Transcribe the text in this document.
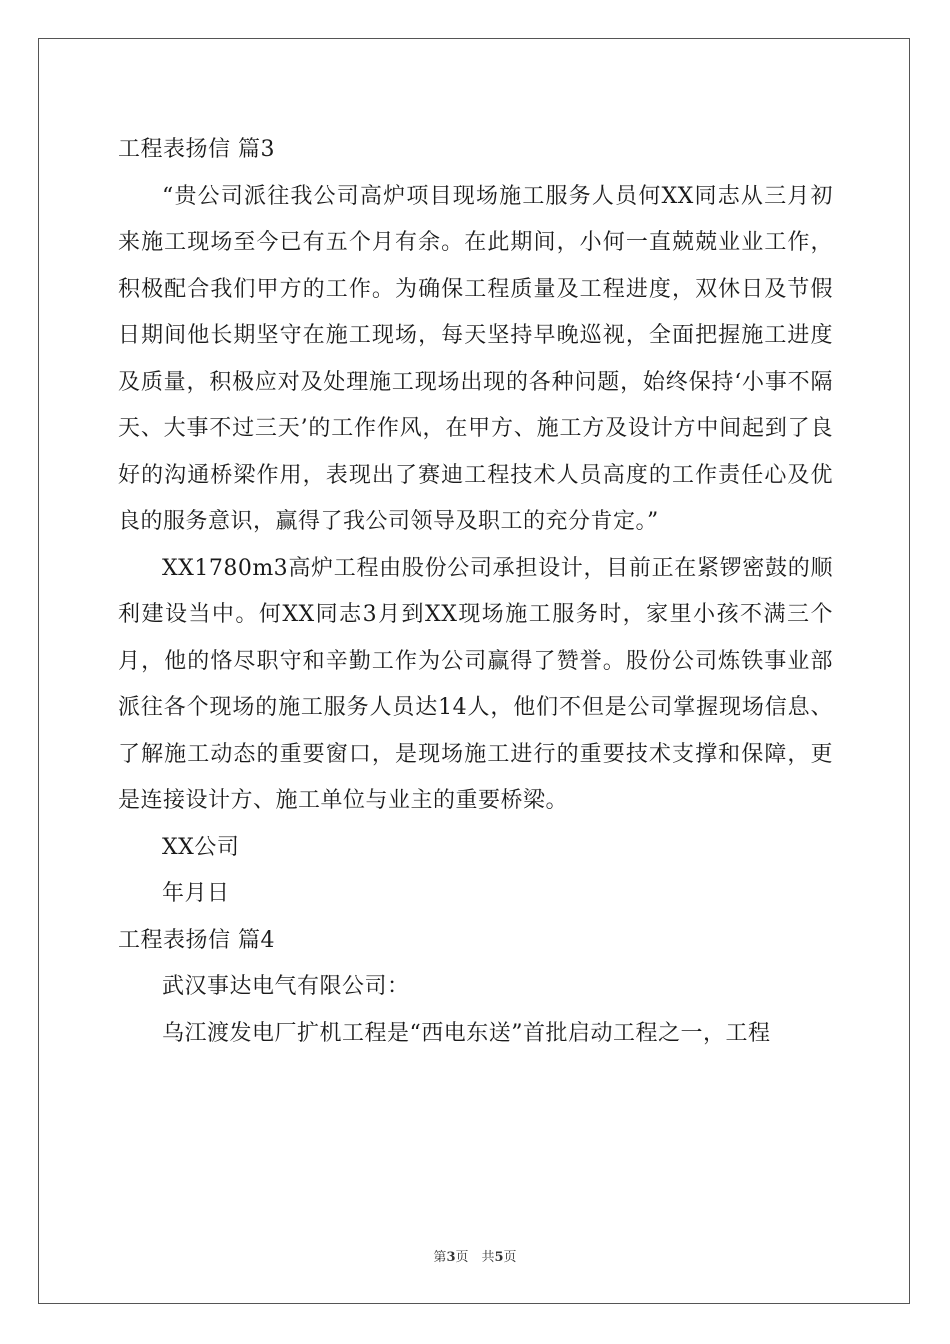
工程表扬信 篇3

“贵公司派往我公司高炉项目现场施工服务人员何XX同志从三月初来施工现场至今已有五个月有余。在此期间，小何一直兢兢业业工作，积极配合我们甲方的工作。为确保工程质量及工程进度，双休日及节假日期间他长期坚守在施工现场，每天坚持早晚巡视，全面把握施工进度及质量，积极应对及处理施工现场出现的各种问题，始终保持‘小事不隔天、大事不过三天’的工作作风，在甲方、施工方及设计方中间起到了良好的沟通桥梁作用，表现出了赛迪工程技术人员高度的工作责任心及优良的服务意识，赢得了我公司领导及职工的充分肯定。”

XX1780m3高炉工程由股份公司承担设计，目前正在紧锣密鼓的顺利建设当中。何XX同志3月到XX现场施工服务时，家里小孩不满三个月，他的恪尽职守和辛勤工作为公司赢得了赞誉。股份公司炼铁事业部派往各个现场的施工服务人员达14人，他们不但是公司掌握现场信息、了解施工动态的重要窗口，是现场施工进行的重要技术支撑和保障，更是连接设计方、施工单位与业主的重要桥梁。

XX公司

年月日

工程表扬信 篇4

武汉事达电气有限公司：

乌江渡发电厂扩机工程是“西电东送”首批启动工程之一，工程

第3页　共5页
